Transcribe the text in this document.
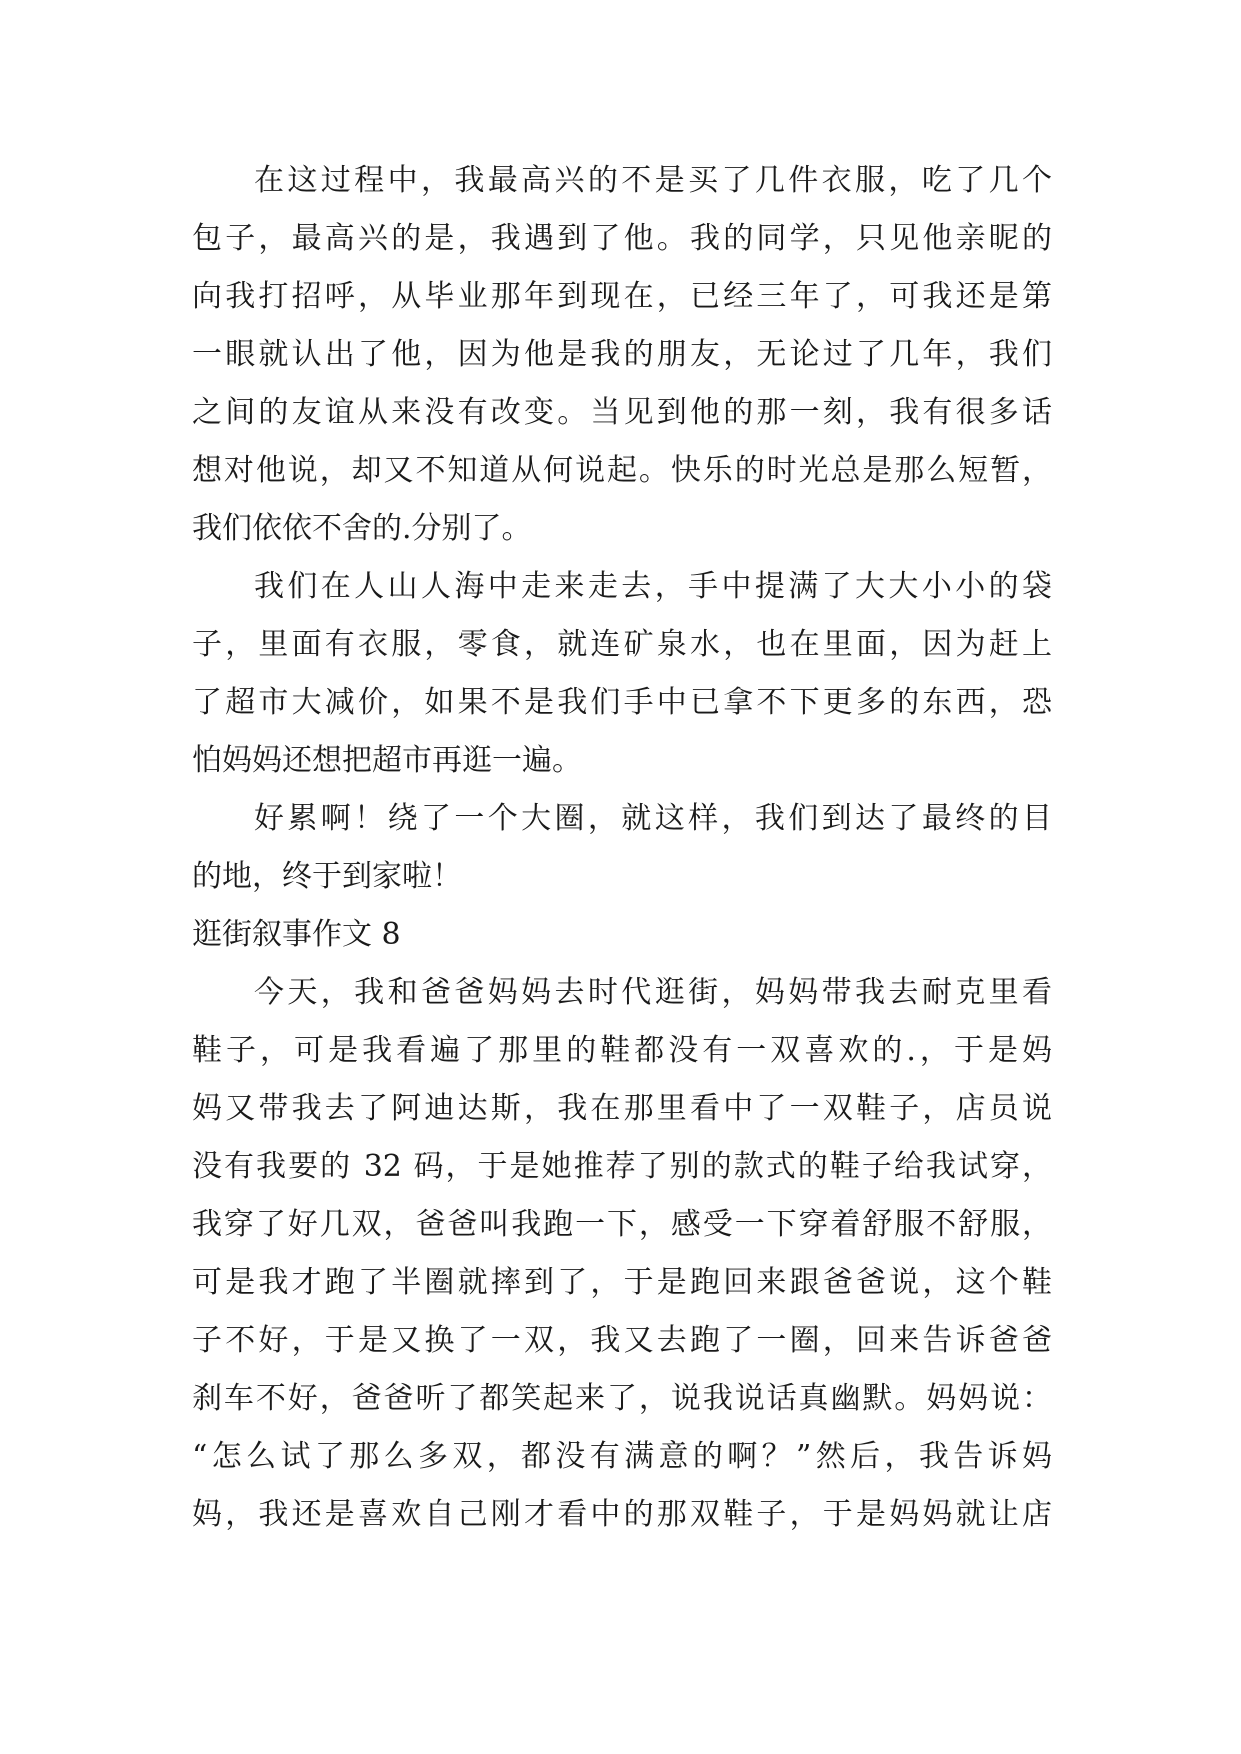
在这过程中，我最高兴的不是买了几件衣服，吃了几个
包子，最高兴的是，我遇到了他。我的同学，只见他亲昵的
向我打招呼，从毕业那年到现在，已经三年了，可我还是第
一眼就认出了他，因为他是我的朋友，无论过了几年，我们
之间的友谊从来没有改变。当见到他的那一刻，我有很多话
想对他说，却又不知道从何说起。快乐的时光总是那么短暂，
我们依依不舍的.分别了。
我们在人山人海中走来走去，手中提满了大大小小的袋
子，里面有衣服，零食，就连矿泉水，也在里面，因为赶上
了超市大减价，如果不是我们手中已拿不下更多的东西，恐
怕妈妈还想把超市再逛一遍。
好累啊！绕了一个大圈，就这样，我们到达了最终的目
的地，终于到家啦！
逛街叙事作文 8
今天，我和爸爸妈妈去时代逛街，妈妈带我去耐克里看
鞋子，可是我看遍了那里的鞋都没有一双喜欢的.，于是妈
妈又带我去了阿迪达斯，我在那里看中了一双鞋子，店员说
没有我要的 32 码，于是她推荐了别的款式的鞋子给我试穿，
我穿了好几双，爸爸叫我跑一下，感受一下穿着舒服不舒服，
可是我才跑了半圈就摔到了，于是跑回来跟爸爸说，这个鞋
子不好，于是又换了一双，我又去跑了一圈，回来告诉爸爸
刹车不好，爸爸听了都笑起来了，说我说话真幽默。妈妈说：
“怎么试了那么多双，都没有满意的啊？”然后，我告诉妈
妈，我还是喜欢自己刚才看中的那双鞋子，于是妈妈就让店
